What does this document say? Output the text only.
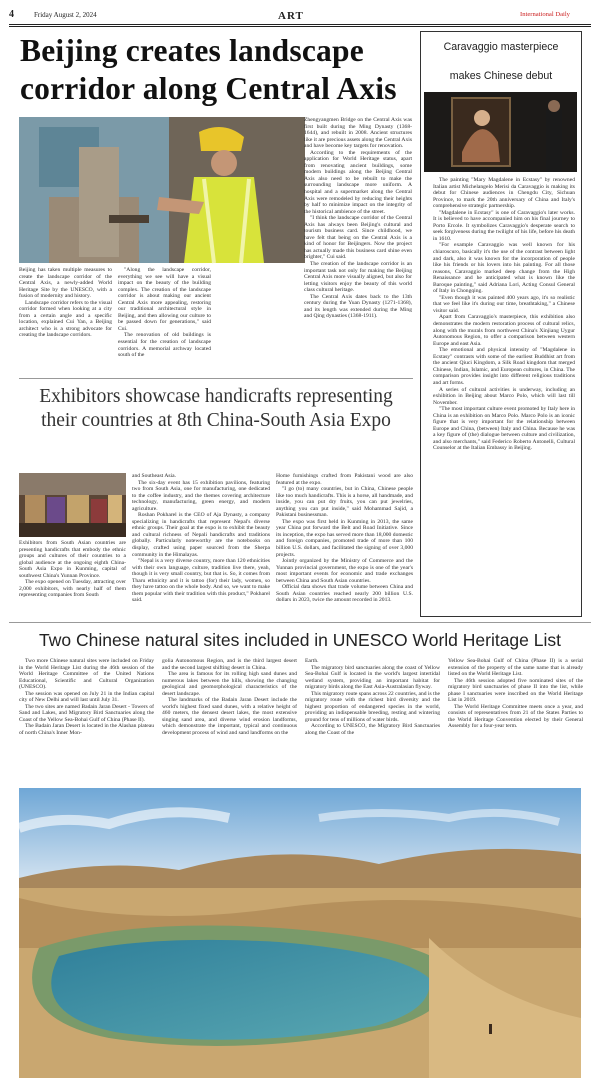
4	Friday August 2, 2024	ART	International Daily
Beijing creates landscape corridor along Central Axis

Beijing has taken multiple measures to create the landscape corridor of the Central Axis, a newly-added World Heritage Site by the UNESCO, with a fusion of modernity and history.

Landscape corridor refers to the visual corridor formed when looking at a city from a certain angle and a specific location, explained Cui Yan, a Beijing architect who is a strong advocate for creating the landscape corridors.

"Along the landscape corridor, everything we see will have a visual impact on the beauty of the building complex. The creation of the landscape corridor is about making our ancient Central Axis more appealing, restoring our traditional architectural style in Beijing, and then allowing our culture to be passed down for generations," said Cui.

The renovation of old buildings is essential for the creation of landscape corridors. A memorial archway located south of the

Zhengyangmen Bridge on the Central Axis was first built during the Ming Dynasty (1368-1644), and rebuilt in 2008. Ancient structures like it are precious assets along the Central Axis and have become key targets for renovation.

According to the requirements of the application for World Heritage status, apart from renovating ancient buildings, some modern buildings along the Beijing Central Axis also need to be rebuilt to make the surrounding landscape more uniform. A hospital and a supermarket along the Central Axis were remodeled by reducing their heights by half to minimize impact on the integrity of the historical ambience of the street.

"I think the landscape corridor of the Central Axis has always been Beijing's cultural and tourism business card. Since childhood, we have felt that being on the Central Axis is a kind of honor for Beijingers. Now the project has actually made this business card shine even brighter," Cui said.

The creation of the landscape corridor is an important task not only for making the Beijing Central Axis more visually aligned, but also for letting visitors enjoy the beauty of this world class cultural heritage.

The Central Axis dates back to the 13th century during the Yuan Dynasty (1271-1368), and its length was extended during the Ming and Qing dynasties (1368-1911).

Exhibitors showcase handicrafts representing their countries at 8th China-South Asia Expo

Exhibitors from South Asian countries are presenting handicrafts that embody the ethnic groups and cultures of their countries to a global audience at the ongoing eighth China-South Asia Expo in Kunming, capital of southwest China's Yunnan Province.

The expo opened on Tuesday, attracting over 2,000 exhibitors, with nearly half of them representing companies from South

and Southeast Asia.

The six-day event has 15 exhibition pavilions, featuring two from South Asia, one for manufacturing, one dedicated to the coffee industry, and the themes covering architecture technology, manufacturing, green energy, and modern agriculture.

Roshan Pokharel is the CEO of Aja Dynasty, a company specializing in handicrafts that represent Nepal's diverse ethnic groups. Their goal at the expo is to exhibit the beauty and cultural richness of Nepali handicrafts and traditions globally. Particularly noteworthy are the notebooks on display, crafted using paper sourced from the Sherpa community in the Himalayas.

"Nepal is a very diverse country, more than 120 ethnicities with their own language, culture, tradition live there, yeah, though it is very small country, but that is. So, it comes from Tharu ethnicity and it is tattoo (for) their lady, women, so they have tattoo on the whole body. And so, we want to make them popular with their tradition with this product," Pokharel said.

Home furnishings crafted from Pakistani wood are also featured at the expo.

"I go (to) many countries, but in China, Chinese people like too much handicrafts. This is a horse, all handmade, and inside, you can put dry fruits, you can put jewelries, anything you can put inside," said Mohammad Sajid, a Pakistani businessman.

The expo was first held in Kunming in 2013, the same year China put forward the Belt and Road Initiative. Since its inception, the expo has served more than 18,000 domestic and foreign companies, promoted trade of more than 100 billion U.S. dollars, and facilitated the signing of over 3,000 projects.

Jointly organized by the Ministry of Commerce and the Yunnan provincial government, the expo is one of the year's most important events for economic and trade exchanges between China and South Asian countries.

Official data shows that trade volume between China and South Asian countries reached nearly 200 billion U.S. dollars in 2023, twice the amount recorded in 2013.

Caravaggio masterpiece
makes Chinese debut

The painting "Mary Magdalene in Ecstasy" by renowned Italian artist Michelangelo Merisi da Caravaggio is making its debut for Chinese audiences in Chengdu City, Sichuan Province, to mark the 20th anniversary of China and Italy's comprehensive strategic partnership.

"Magdalene in Ecstasy" is one of Caravaggio's later works. It is believed to have accompanied him on his final journey to Porto Ercole. It symbolizes Caravaggio's desperate search to seek forgiveness during the twilight of his life, before his death in 1610.

"For example Caravaggio was well known for his chiaroscuro, basically it's the use of the contrast between light and dark, also it was known for the incorporation of people like his friends or his lovers into his painting. For all those reasons, Caravaggio marked deep change from the High Renaissance and he anticipated what is known like the Baroque painting," said Adriana Lori, Acting Consul General of Italy in Chongqing.

"Even though it was painted 400 years ago, it's so realistic that we feel like it's during our time, breathtaking," a Chinese visitor said.

Apart from Caravaggio's masterpiece, this exhibition also demonstrates the modern restoration process of cultural relics, along with the murals from northwest China's Xinjiang Uygur Autonomous Region, to offer a comparison between western Europe and east Asia.

The emotional and physical intensity of "Magdalene in Ecstasy" contrasts with some of the earliest Buddhist art from the ancient Qiuci Kingdom, a Silk Road kingdom that merged Chinese, Indian, Islamic, and European cultures, in China. The comparison provides insight into different religious traditions and art forms.

A series of cultural activities is underway, including an exhibition in Beijing about Marco Polo, which will last till November.

"The most important culture event promoted by Italy here in China is an exhibition on Marco Polo. Marco Polo is an iconic figure that is very important for the relationship between Europe and China, (between) Italy and China. Because he was a key figure of (the) dialogue between culture and civilization, and also merchants," said Federico Roberto Antonelli, Cultural Counselor at the Italian Embassy in Beijing.

Two Chinese natural sites included in UNESCO World Heritage List

Two more Chinese natural sites were included on Friday in the World Heritage List during the 46th session of the World Heritage Committee of the United Nations Educational, Scientific and Cultural Organization (UNESCO).

The session was opened on July 21 in the Indian capital city of New Delhi and will last until July 31.

The two sites are named Badain Jaran Desert - Towers of Sand and Lakes, and Migratory Bird Sanctuaries along the Coast of the Yellow Sea-Bohai Gulf of China (Phase II).

The Badain Jaran Desert is located in the Alashan plateau of north China's Inner Mon-

golia Autonomous Region, and is the third largest desert and the second largest shifting desert in China.

The area is famous for its rolling high sand dunes and numerous lakes between the hills, showing the changing geological and geomorphological characteristics of the desert landscape.

The landmarks of the Badain Jaran Desert include the world's highest fixed sand dunes, with a relative height of 460 meters, the densest desert lakes, the most extensive singing sand area, and diverse wind erosion landforms, which demonstrate the important, typical and continuous development process of wind and sand landforms on the

Earth.

The migratory bird sanctuaries along the coast of Yellow Sea-Bohai Gulf is located in the world's largest intertidal wetland system, providing an important habitat for migratory birds along the East Asia-Australasian flyway.

This migratory route spans across 22 countries, and is the migratory route with the richest bird diversity and the highest proportion of endangered species in the world, providing an indispensable breeding, resting and wintering ground for tens of millions of water birds.

According to UNESCO, the Migratory Bird Sanctuaries along the Coast of the

Yellow Sea-Bohai Gulf of China (Phase II) is a serial extension of the property of the same name that is already listed on the World Heritage List.

The 46th session adopted five nominated sites of the migratory bird sanctuaries of phase II into the list, while phase I sanctuaries were inscribed on the World Heritage List in 2019.

The World Heritage Committee meets once a year, and consists of representatives from 21 of the States Parties to the World Heritage Convention elected by their General Assembly for a four-year term.
